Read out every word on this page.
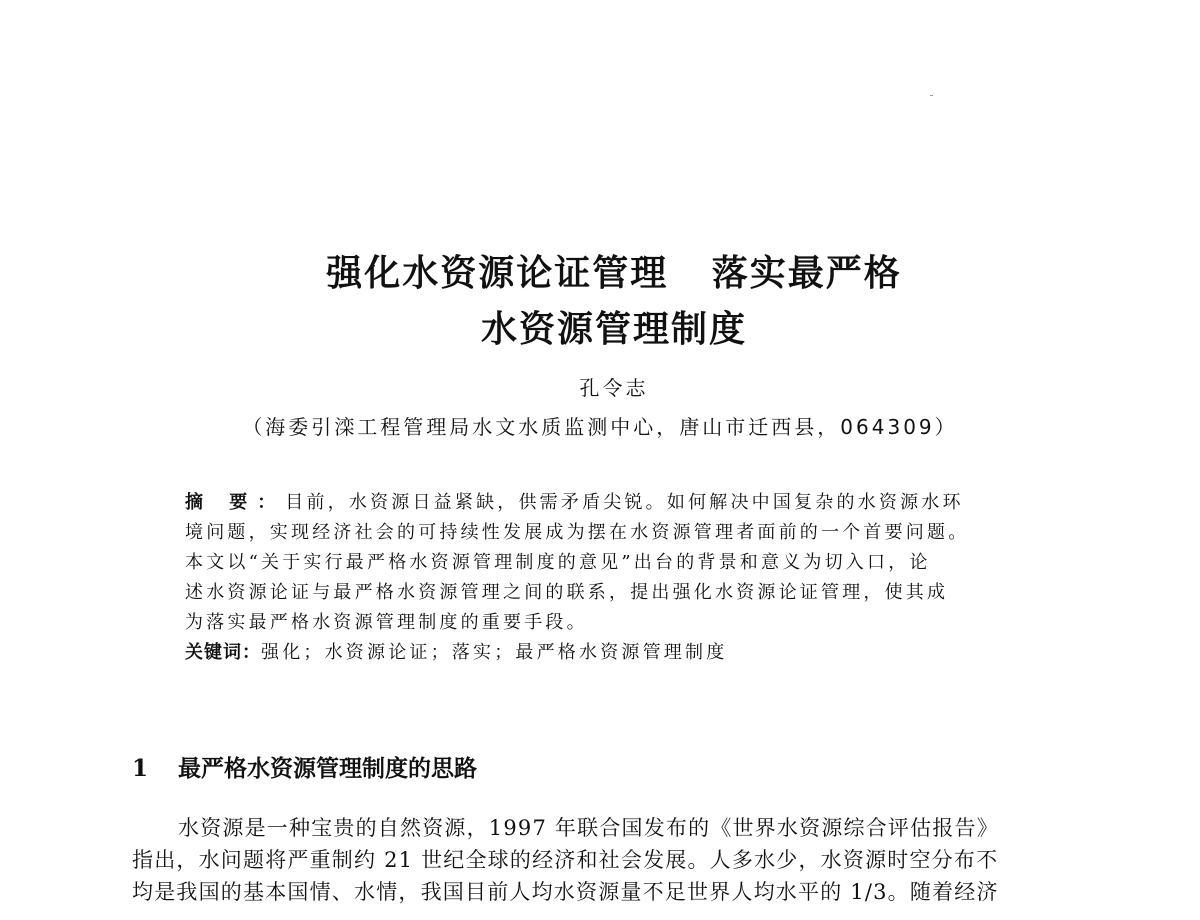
强化水资源论证管理   落实最严格
水资源管理制度
孔令志
（海委引滦工程管理局水文水质监测中心，唐山市迁西县，064309）
摘 要：目前，水资源日益紧缺，供需矛盾尖锐。如何解决中国复杂的水资源水环
境问题，实现经济社会的可持续性发展成为摆在水资源管理者面前的一个首要问题。
本文以“关于实行最严格水资源管理制度的意见”出台的背景和意义为切入口，论
述水资源论证与最严格水资源管理之间的联系，提出强化水资源论证管理，使其成
为落实最严格水资源管理制度的重要手段。
关键词：强化；水资源论证；落实；最严格水资源管理制度
1 最严格水资源管理制度的思路
水资源是一种宝贵的自然资源，1997 年联合国发布的《世界水资源综合评估报告》
指出，水问题将严重制约 21 世纪全球的经济和社会发展。人多水少，水资源时空分布不
均是我国的基本国情、水情，我国目前人均水资源量不足世界人均水平的 1/3。随着经济
